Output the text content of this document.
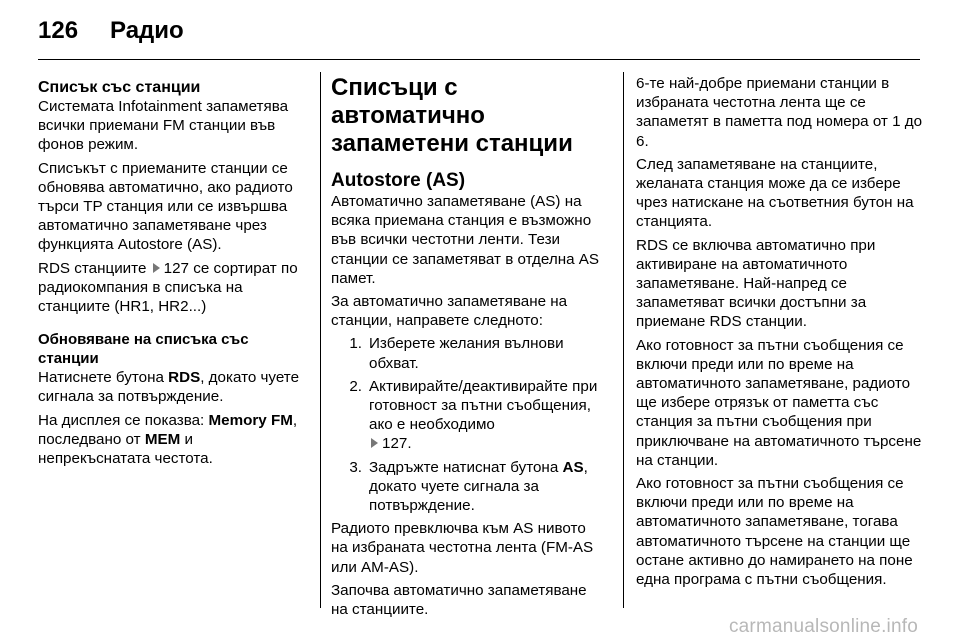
126	Радио
Списък със станции

Системата Infotainment запаметява всички приемани FM станции във фонов режим.

Списъкът с приеманите станции се обновява автоматично, ако радиото търси TP станция или се извършва автоматично запаметяване чрез функцията Autostore (AS).

RDS станциите 127 се сортират по радиокомпания в списъка на станциите (HR1, HR2...)

Обновяване на списъка със станции

Натиснете бутона RDS, докато чуете сигнала за потвърждение.

На дисплея се показва: Memory FM, последвано от MEM и непрекъснатата честота.

Списъци с автоматично запаметени станции
Autostore (AS)

Автоматично запаметяване (AS) на всяка приемана станция е възможно във всички честотни ленти. Тези станции се запаметяват в отделна AS памет.

За автоматично запаметяване на станции, направете следното:

1. Изберете желания вълнови обхват.
2. Активирайте/деактивирайте при готовност за пътни съобщения, ако е необходимо
127.
3. Задръжте натиснат бутона AS, докато чуете сигнала за потвърждение.

Радиото превключва към AS нивото на избраната честотна лента (FM-AS или AM-AS).

Започва автоматично запаметяване на станциите.

6-те най-добре приемани станции в избраната честотна лента ще се запаметят в паметта под номера от 1 до 6.

След запаметяване на станциите, желаната станция може да се избере чрез натискане на съответния бутон на станцията.

RDS се включва автоматично при активиране на автоматичното запаметяване. Най-напред се запаметяват всички достъпни за приемане RDS станции.

Ако готовност за пътни съобщения се включи преди или по време на автоматичното запаметяване, радиото ще избере отрязък от паметта със станция за пътни съобщения при приключване на автоматичното търсене на станции.

Ако готовност за пътни съобщения се включи преди или по време на автоматичното запаметяване, тогава автоматичното търсене на станции ще остане активно до намирането на поне една програма с пътни съобщения.

carmanualsonline.info
